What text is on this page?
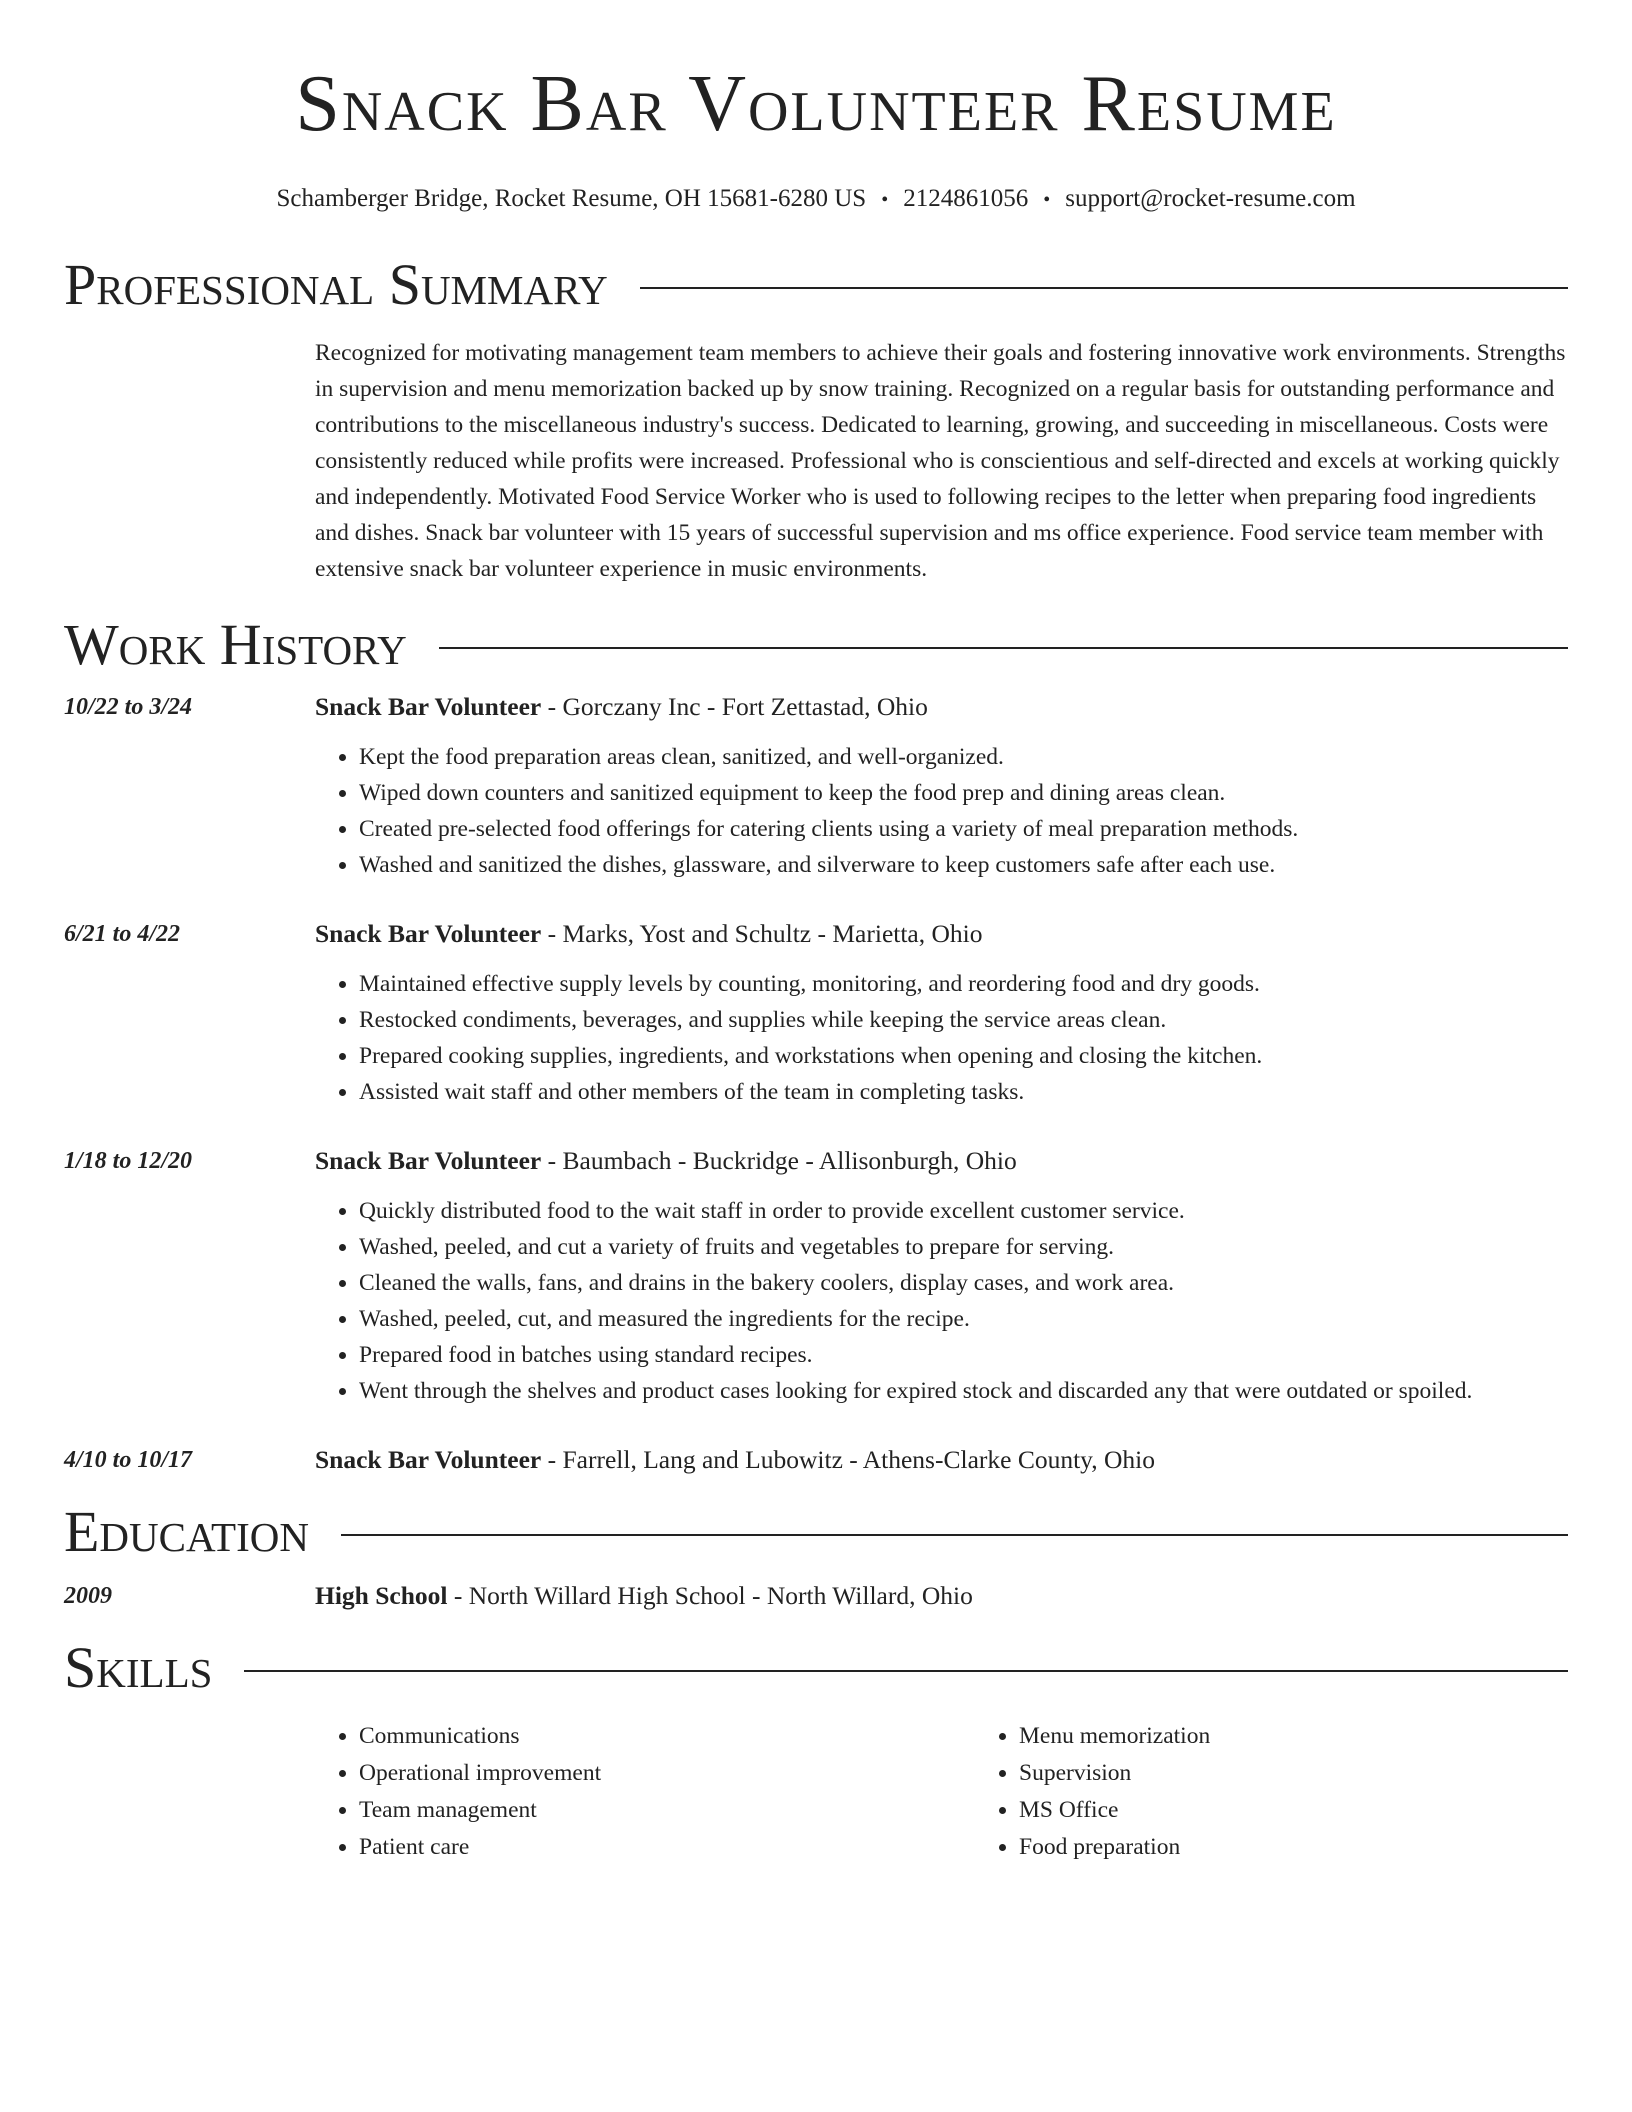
Snack Bar Volunteer Resume
Schamberger Bridge, Rocket Resume, OH 15681-6280 US • 2124861056 • support@rocket-resume.com
Professional Summary

Recognized for motivating management team members to achieve their goals and fostering innovative work environments. Strengths in supervision and menu memorization backed up by snow training. Recognized on a regular basis for outstanding performance and contributions to the miscellaneous industry's success. Dedicated to learning, growing, and succeeding in miscellaneous. Costs were consistently reduced while profits were increased. Professional who is conscientious and self-directed and excels at working quickly and independently. Motivated Food Service Worker who is used to following recipes to the letter when preparing food ingredients and dishes. Snack bar volunteer with 15 years of successful supervision and ms office experience. Food service team member with extensive snack bar volunteer experience in music environments.

Work History
10/22 to 3/24	Snack Bar Volunteer - Gorczany Inc - Fort Zettastad, Ohio
• Kept the food preparation areas clean, sanitized, and well-organized.
• Wiped down counters and sanitized equipment to keep the food prep and dining areas clean.
• Created pre-selected food offerings for catering clients using a variety of meal preparation methods.
• Washed and sanitized the dishes, glassware, and silverware to keep customers safe after each use.
6/21 to 4/22	Snack Bar Volunteer - Marks, Yost and Schultz - Marietta, Ohio
• Maintained effective supply levels by counting, monitoring, and reordering food and dry goods.
• Restocked condiments, beverages, and supplies while keeping the service areas clean.
• Prepared cooking supplies, ingredients, and workstations when opening and closing the kitchen.
• Assisted wait staff and other members of the team in completing tasks.
1/18 to 12/20	Snack Bar Volunteer - Baumbach - Buckridge - Allisonburgh, Ohio
• Quickly distributed food to the wait staff in order to provide excellent customer service.
• Washed, peeled, and cut a variety of fruits and vegetables to prepare for serving.
• Cleaned the walls, fans, and drains in the bakery coolers, display cases, and work area.
• Washed, peeled, cut, and measured the ingredients for the recipe.
• Prepared food in batches using standard recipes.
• Went through the shelves and product cases looking for expired stock and discarded any that were outdated or spoiled.
4/10 to 10/17	Snack Bar Volunteer - Farrell, Lang and Lubowitz - Athens-Clarke County, Ohio
Education
2009	High School - North Willard High School - North Willard, Ohio
Skills
• Communications
• Operational improvement
• Team management
• Patient care
• Menu memorization
• Supervision
• MS Office
• Food preparation
